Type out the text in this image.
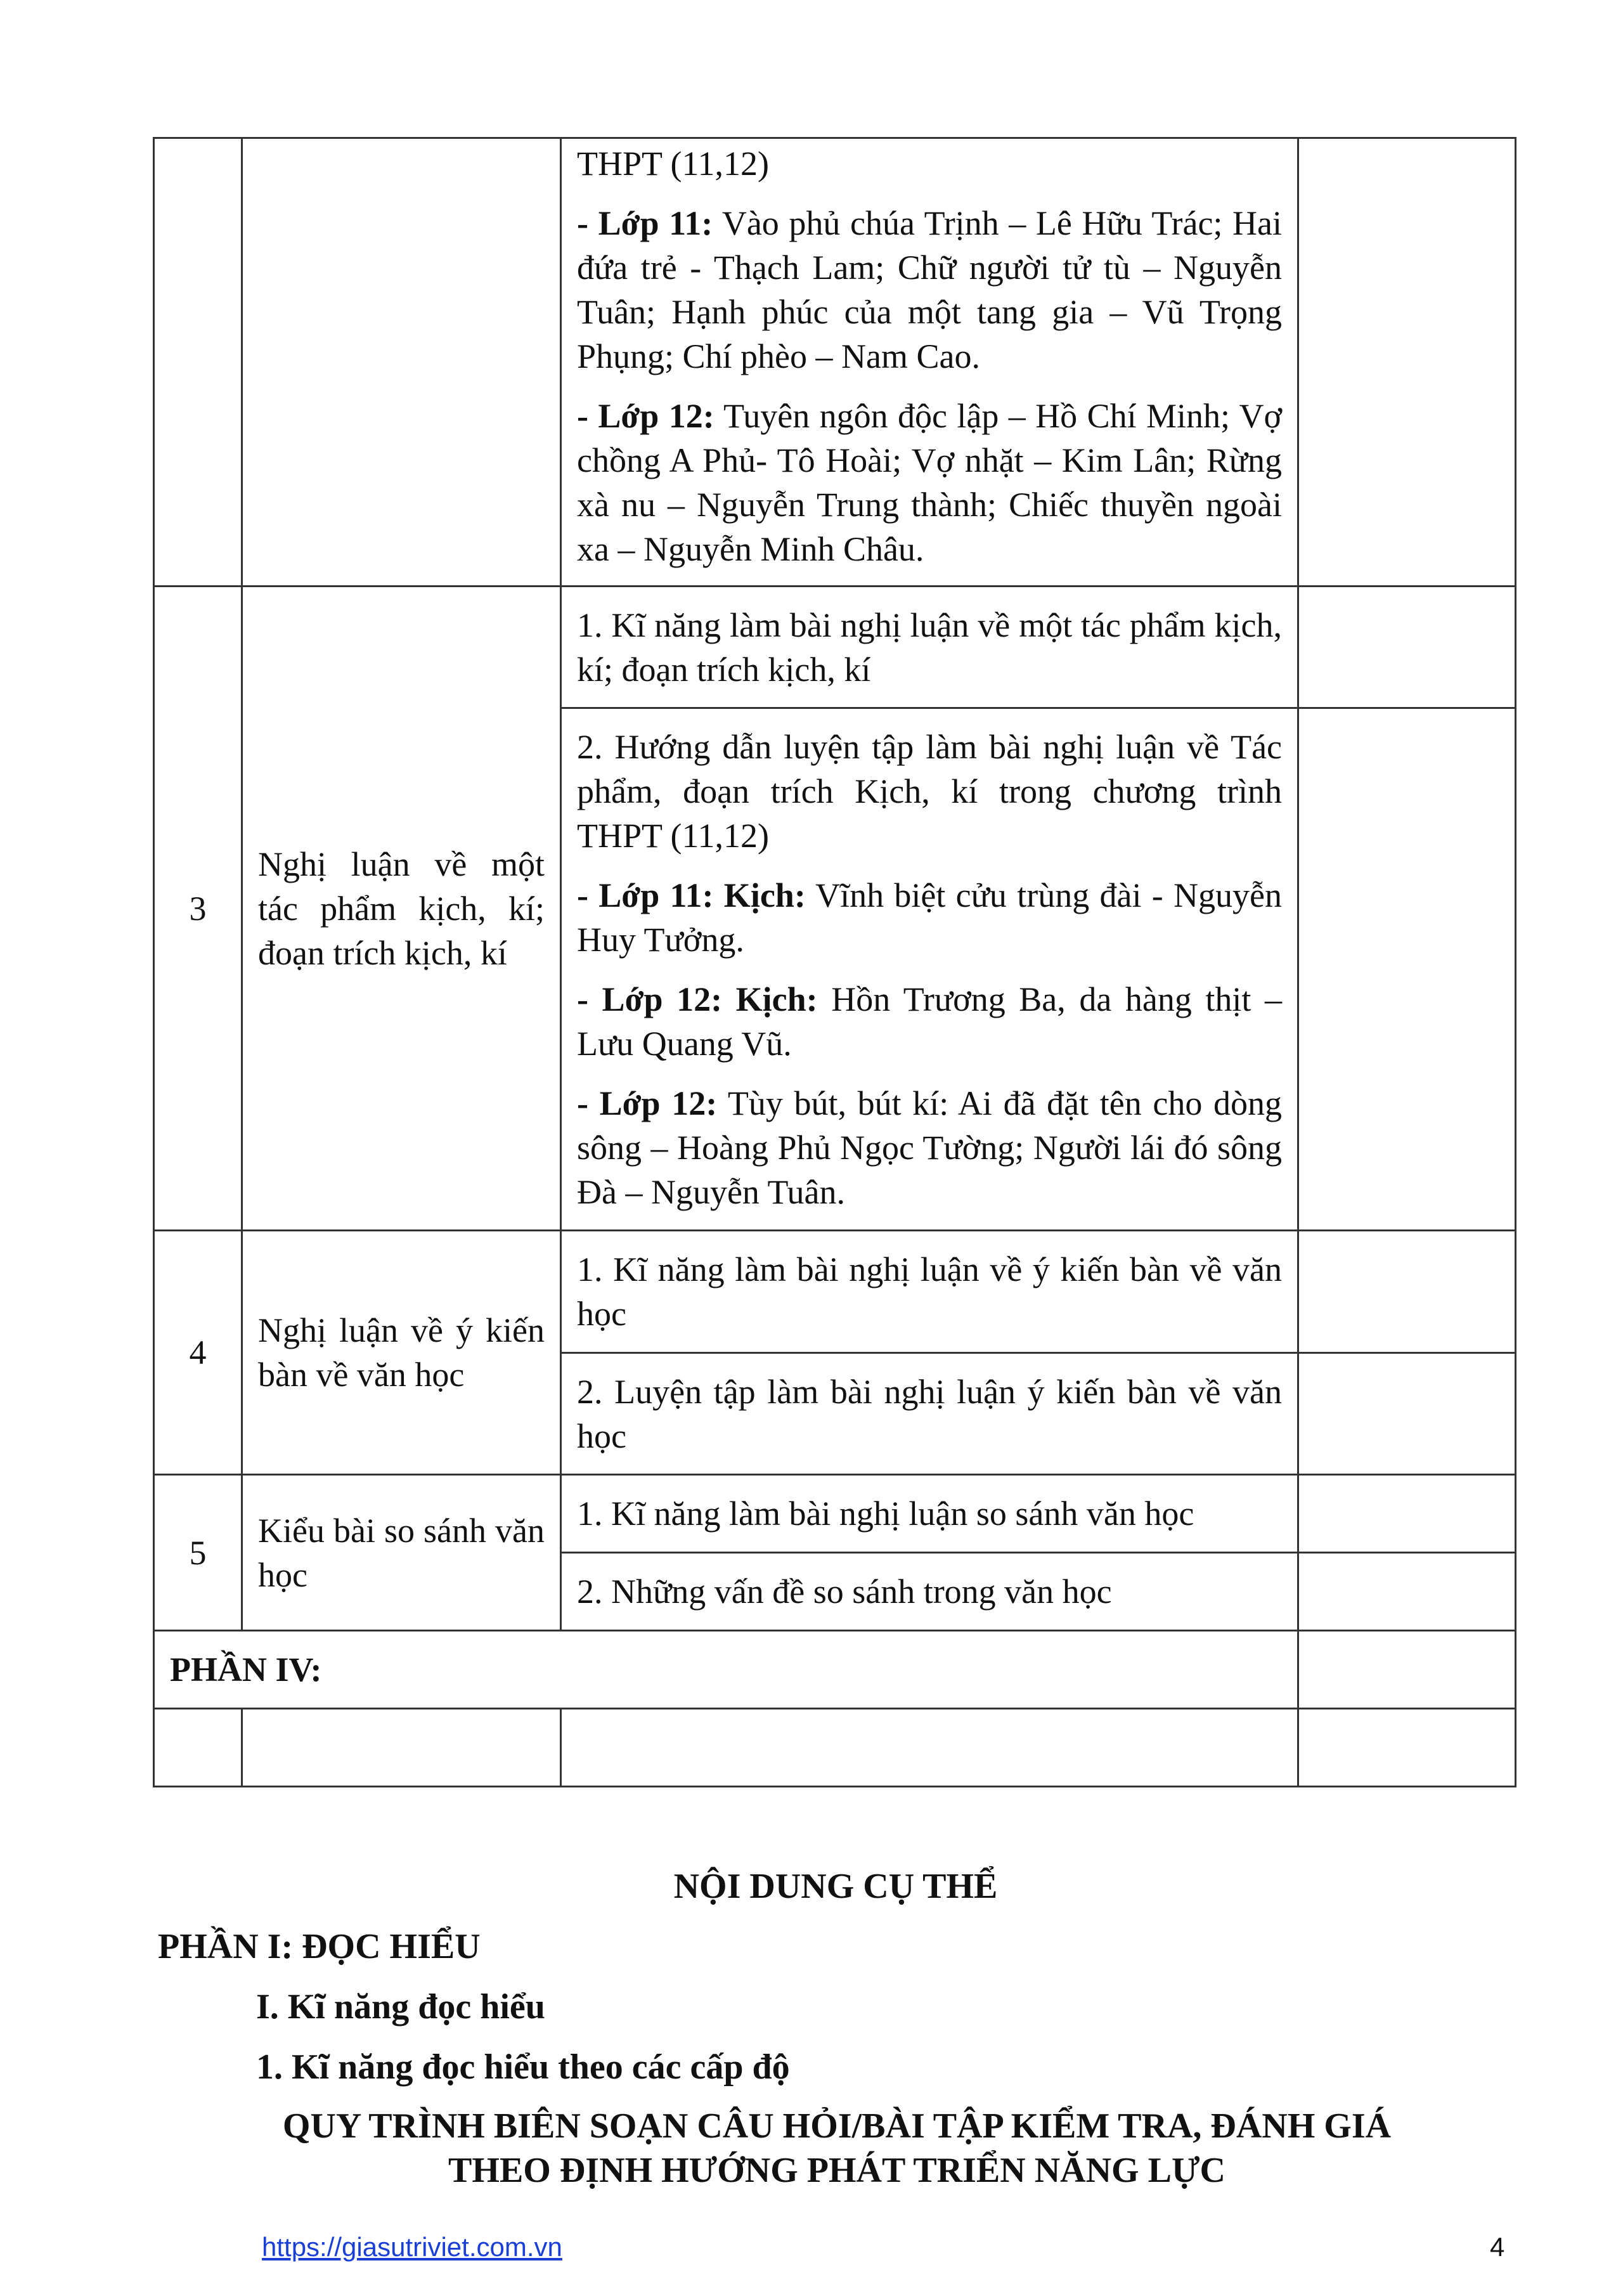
		THPT (11,12)

- Lớp 11: Vào phủ chúa Trịnh – Lê Hữu Trác; Hai đứa trẻ - Thạch Lam; Chữ người tử tù – Nguyễn Tuân; Hạnh phúc của một tang gia – Vũ Trọng Phụng; Chí phèo – Nam Cao.

- Lớp 12: Tuyên ngôn độc lập – Hồ Chí Minh; Vợ chồng A Phủ- Tô Hoài; Vợ nhặt – Kim Lân; Rừng xà nu – Nguyễn Trung thành; Chiếc thuyền ngoài xa – Nguyễn Minh Châu.	

3	Nghị luận về một tác phẩm kịch, kí; đoạn trích kịch, kí	1. Kĩ năng làm bài nghị luận về một tác phẩm kịch, kí; đoạn trích kịch, kí	

		2. Hướng dẫn luyện tập làm bài nghị luận về Tác phẩm, đoạn trích Kịch, kí trong chương trình THPT (11,12)

- Lớp 11: Kịch: Vĩnh biệt cửu trùng đài - Nguyễn Huy Tưởng.

- Lớp 12: Kịch: Hồn Trương Ba, da hàng thịt –Lưu Quang Vũ.

- Lớp 12: Tùy bút, bút kí: Ai đã đặt tên cho dòng sông – Hoàng Phủ Ngọc Tường; Người lái đó sông Đà – Nguyễn Tuân.	

4	Nghị luận về ý kiến bàn về văn học	1. Kĩ năng làm bài nghị luận về ý kiến bàn về văn học	

		2. Luyện tập làm bài nghị luận ý kiến bàn về văn học	

5	Kiểu bài so sánh văn học	1. Kĩ năng làm bài nghị luận so sánh văn học	

		2. Những vấn đề so sánh trong văn học	

PHẦN IV:			

NỘI DUNG CỤ THỂ
PHẦN I: ĐỌC HIỂU
I. Kĩ năng đọc hiểu
1. Kĩ năng đọc hiểu theo các cấp độ
QUY TRÌNH BIÊN SOẠN CÂU HỎI/BÀI TẬP KIỂM TRA, ĐÁNH GIÁ
THEO ĐỊNH HƯỚNG PHÁT TRIỂN NĂNG LỰC
https://giasutriviet.com.vn	4
